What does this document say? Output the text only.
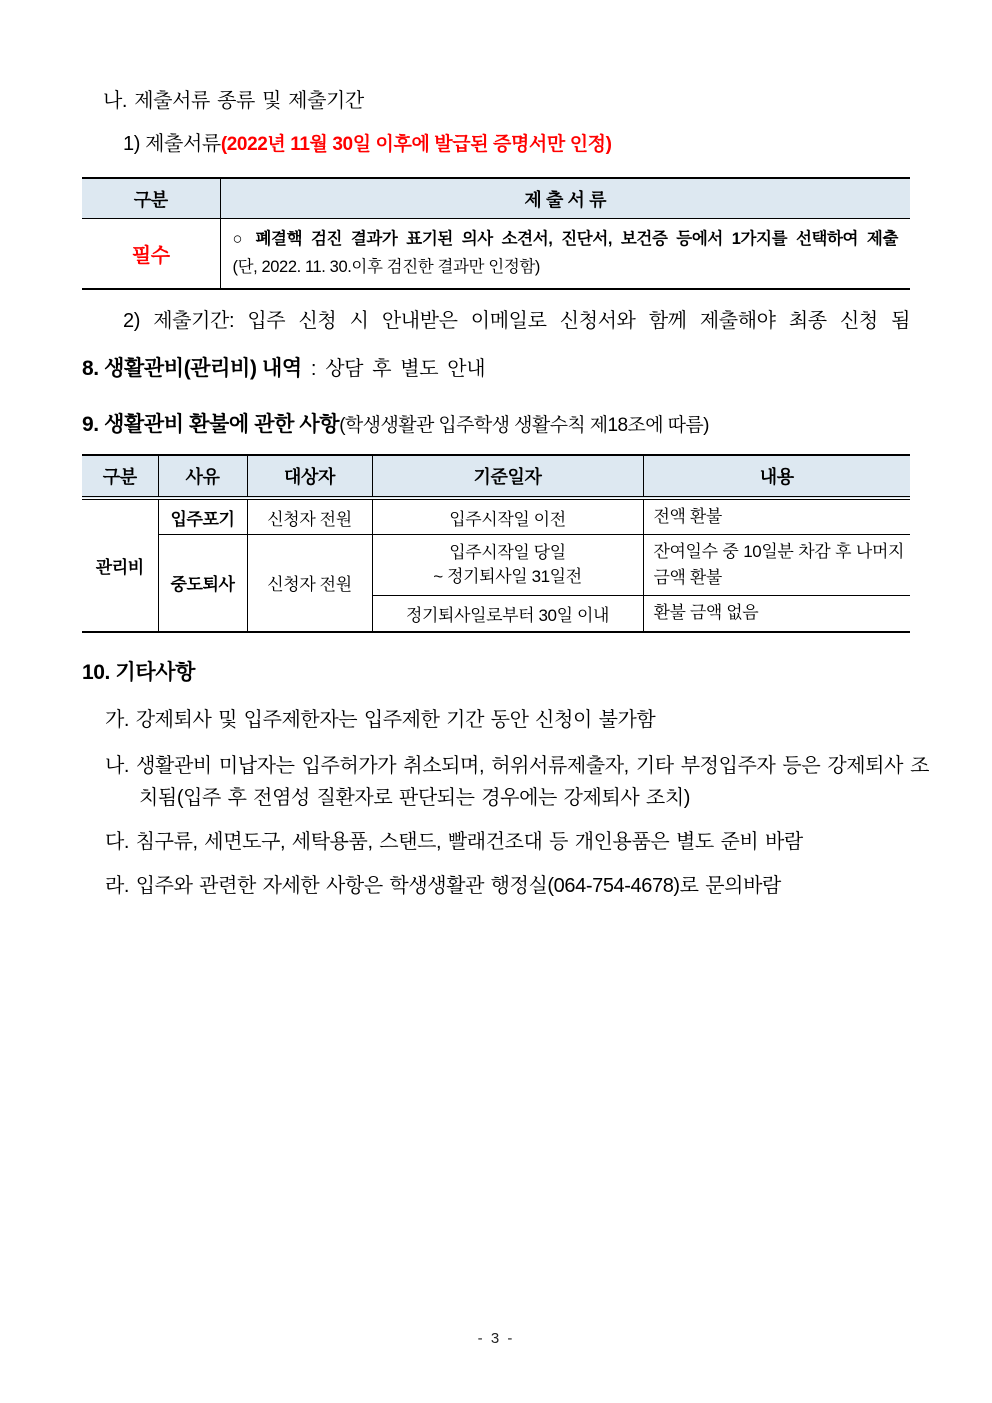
나. 제출서류 종류 및 제출기간
1) 제출서류(2022년 11월 30일 이후에 발급된 증명서만 인정)
구분	제 출 서 류
필수	○ 폐결핵 검진 결과가 표기된 의사 소견서, 진단서, 보건증 등에서 1가지를 선택하여 제출
(단, 2022. 11. 30.이후 검진한 결과만 인정함)
2) 제출기간: 입주 신청 시 안내받은 이메일로 신청서와 함께 제출해야 최종 신청 됨
8. 생활관비(관리비) 내역 : 상담 후 별도 안내
9. 생활관비 환불에 관한 사항(학생생활관 입주학생 생활수칙 제18조에 따름)
구분	사유	대상자	기준일자	내용
관리비	입주포기	신청자 전원	입주시작일 이전	전액 환불
	중도퇴사	신청자 전원	입주시작일 당일
~ 정기퇴사일 31일전	잔여일수 중 10일분 차감 후 나머지 금액 환불
			정기퇴사일로부터 30일 이내	환불 금액 없음
10. 기타사항
가. 강제퇴사 및 입주제한자는 입주제한 기간 동안 신청이 불가함
나. 생활관비 미납자는 입주허가가 취소되며, 허위서류제출자, 기타 부정입주자 등은 강제퇴사 조치됨(입주 후 전염성 질환자로 판단되는 경우에는 강제퇴사 조치)
다. 침구류, 세면도구, 세탁용품, 스탠드, 빨래건조대 등 개인용품은 별도 준비 바람
라. 입주와 관련한 자세한 사항은 학생생활관 행정실(064-754-4678)로 문의바람
- 3 -
